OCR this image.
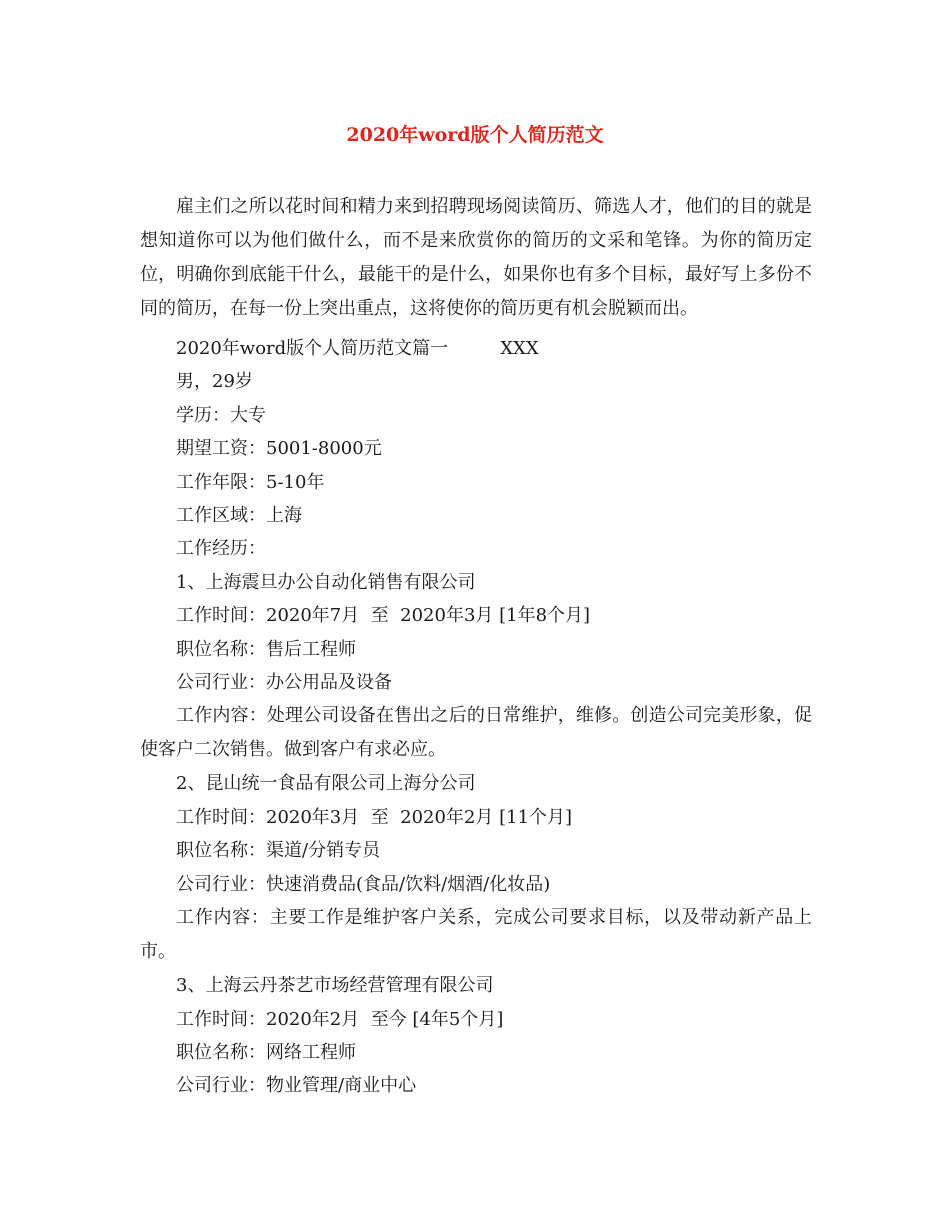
2020年word版个人简历范文

雇主们之所以花时间和精力来到招聘现场阅读简历、筛选人才，他们的目的就是想知道你可以为他们做什么，而不是来欣赏你的简历的文采和笔锋。为你的简历定位，明确你到底能干什么，最能干的是什么，如果你也有多个目标，最好写上多份不同的简历，在每一份上突出重点，这将使你的简历更有机会脱颖而出。

2020年word版个人简历范文篇一	XXX

男，29岁

学历：大专

期望工资：5001-8000元

工作年限：5-10年

工作区域：上海

工作经历：

1、上海震旦办公自动化销售有限公司

工作时间：2020年7月  至  2020年3月 [1年8个月]

职位名称：售后工程师

公司行业：办公用品及设备

工作内容：处理公司设备在售出之后的日常维护，维修。创造公司完美形象，促使客户二次销售。做到客户有求必应。

2、昆山统一食品有限公司上海分公司

工作时间：2020年3月  至  2020年2月 [11个月]

职位名称：渠道/分销专员

公司行业：快速消费品(食品/饮料/烟酒/化妆品)

工作内容：主要工作是维护客户关系，完成公司要求目标，以及带动新产品上市。

3、上海云丹茶艺市场经营管理有限公司

工作时间：2020年2月  至今 [4年5个月]

职位名称：网络工程师

公司行业：物业管理/商业中心
